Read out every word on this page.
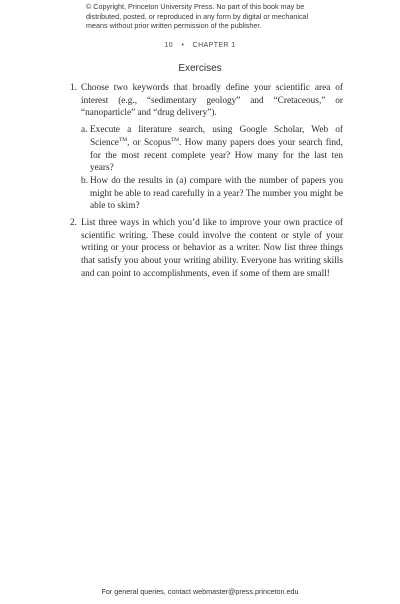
© Copyright, Princeton University Press. No part of this book may be
distributed, posted, or reproduced in any form by digital or mechanical
means without prior written permission of the publisher.
10 • CHAPTER 1
Exercises
1. Choose two keywords that broadly define your scientific area of interest (e.g., “sedimentary geology” and “Cretaceous,” or “nanoparticle” and “drug delivery”).
a. Execute a literature search, using Google Scholar, Web of Science™, or Scopus™. How many papers does your search find, for the most recent complete year? How many for the last ten years?
b. How do the results in (a) compare with the number of papers you might be able to read carefully in a year? The number you might be able to skim?
2. List three ways in which you’d like to improve your own practice of scientific writing. These could involve the content or style of your writing or your process or behavior as a writer. Now list three things that satisfy you about your writing ability. Everyone has writing skills and can point to accomplishments, even if some of them are small!
For general queries, contact webmaster@press.princeton.edu
